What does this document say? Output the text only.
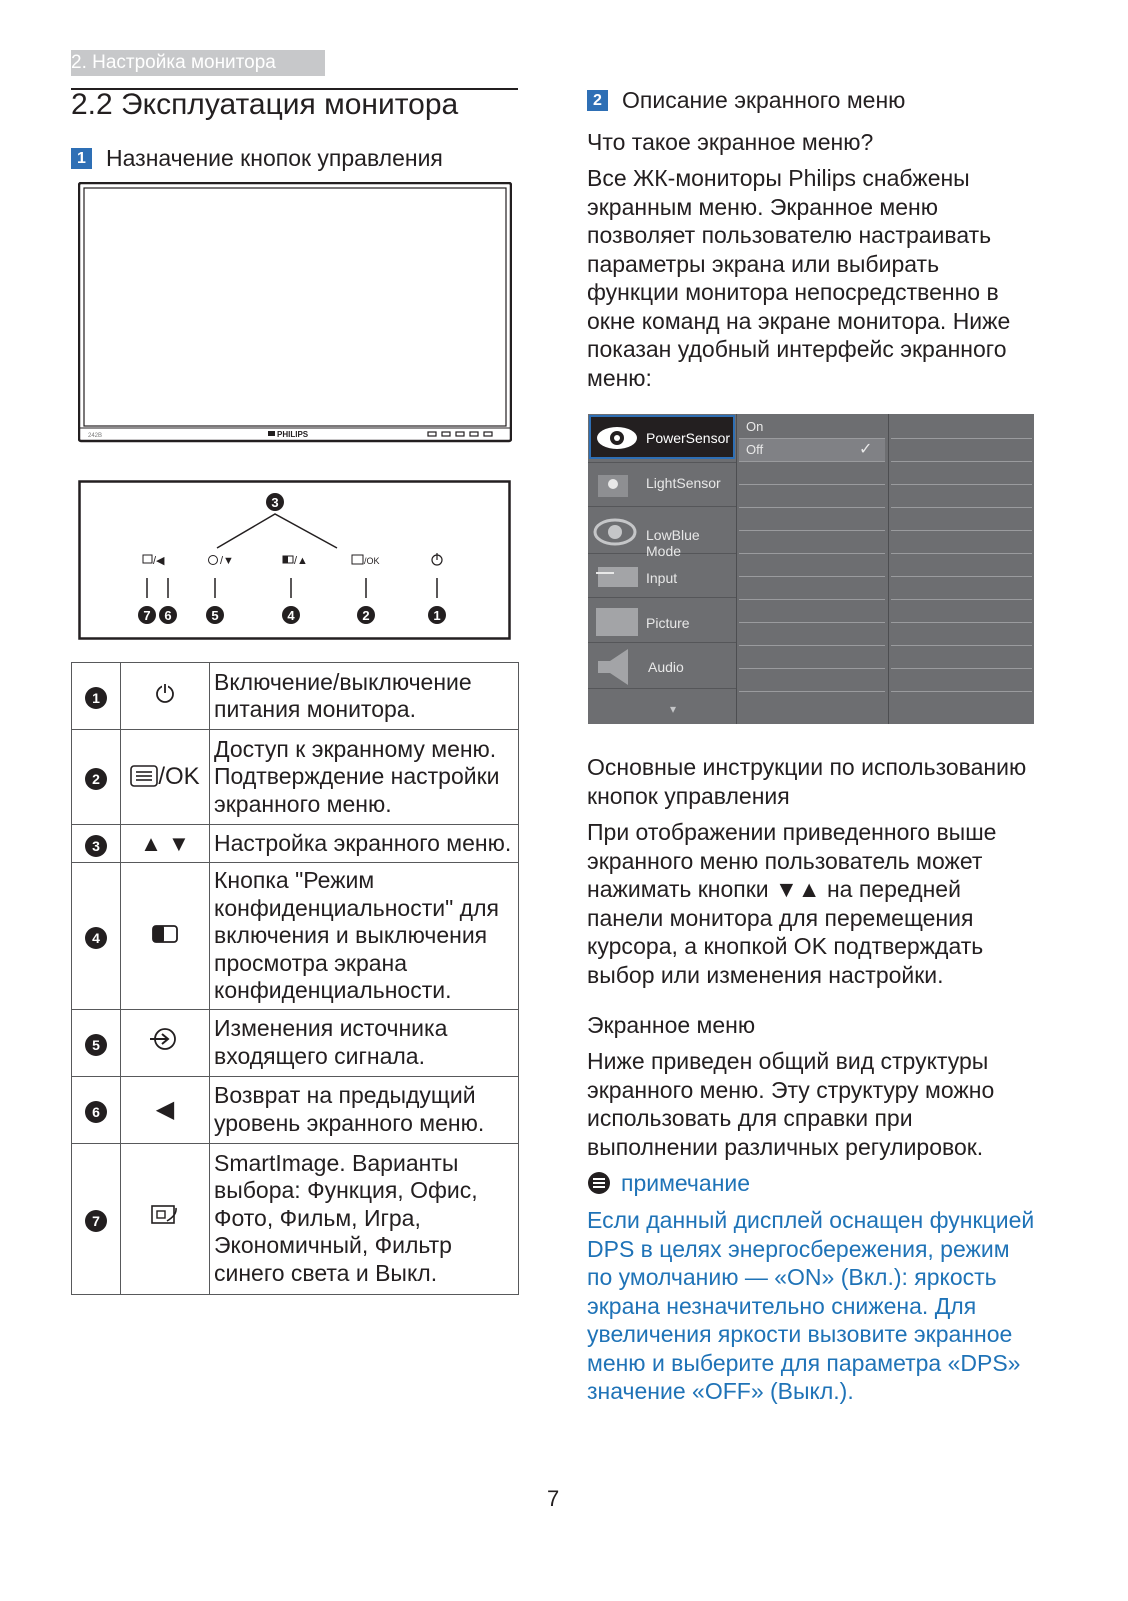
2. Настройка монитора
2.2 Эксплуатация монитора
1 Назначение кнопок управления
242B	PHILIPS
3
/◀	/▼	/▲	/OK
7 6	5	4	2	1
1		Включение/выключение питания монитора.
2	/OK	Доступ к экранному меню. Подтверждение настройки экранного меню.
3	▲ ▼	Настройка экранного меню.
4		Кнопка "Режим конфиденциальности" для включения и выключения просмотра экрана конфиденциальности.
5		Изменения источника входящего сигнала.
6	◀	Возврат на предыдущий уровень экранного меню.
7		SmartImage. Варианты выбора: Функция, Офис, Фото, Фильм, Игра, Экономичный, Фильтр синего света и Выкл.
2 Описание экранного меню
Что такое экранное меню?
Все ЖК-мониторы Philips снабжены экранным меню. Экранное меню позволяет пользователю настраивать параметры экрана или выбирать функции монитора непосредственно в окне команд на экране монитора. Ниже показан удобный интерфейс экранного меню:
PowerSensor
On
Off	✓
LightSensor
LowBlue Mode
Input
Picture
Audio
▾
Основные инструкции по использованию кнопок управления
При отображении приведенного выше экранного меню пользователь может нажимать кнопки ▼▲ на передней панели монитора для перемещения курсора, а кнопкой OK подтверждать выбор или изменения настройки.
Экранное меню
Ниже приведен общий вид структуры экранного меню. Эту структуру можно использовать для справки при выполнении различных регулировок.
примечание
Если данный дисплей оснащен функцией DPS в целях энергосбережения, режим по умолчанию — «ON» (Вкл.): яркость экрана незначительно снижена. Для увеличения яркости вызовите экранное меню и выберите для параметра «DPS» значение «OFF» (Выкл.).
7
